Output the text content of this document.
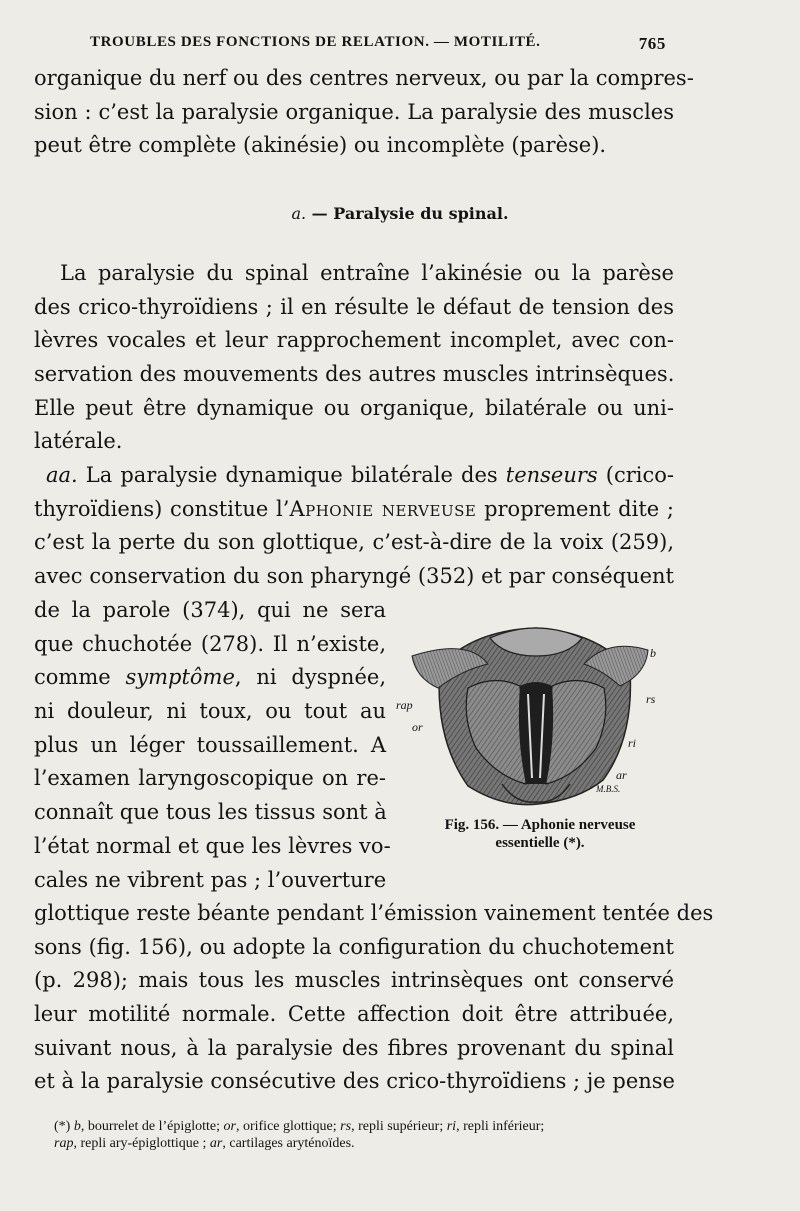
TROUBLES DES FONCTIONS DE RELATION. — MOTILITÉ.	765
organique du nerf ou des centres nerveux, ou par la compres-
sion : c’est la paralysie organique. La paralysie des muscles
peut être complète (akinésie) ou incomplète (parèse).
a. — Paralysie du spinal.
La paralysie du spinal entraîne l’akinésie ou la parèse
des crico-thyroïdiens ; il en résulte le défaut de tension des
lèvres vocales et leur rapprochement incomplet, avec con-
servation des mouvements des autres muscles intrinsèques.
Elle peut être dynamique ou organique, bilatérale ou uni-
latérale.
aa. La paralysie dynamique bilatérale des tenseurs (crico-
thyroïdiens) constitue l’Aphonie nerveuse proprement dite ;
c’est la perte du son glottique, c’est-à-dire de la voix (259),
avec conservation du son pharyngé (352) et par conséquent
de la parole (374), qui ne sera
que chuchotée (278). Il n’existe,
comme symptôme, ni dyspnée,
ni douleur, ni toux, ou tout au
plus un léger toussaillement. A
l’examen laryngoscopique on re-
connaît que tous les tissus sont à
l’état normal et que les lèvres vo-
cales ne vibrent pas ; l’ouverture
glottique reste béante pendant l’émission vainement tentée des
sons (fig. 156), ou adopte la configuration du chuchotement
(p. 298); mais tous les muscles intrinsèques ont conservé
leur motilité normale. Cette affection doit être attribuée,
suivant nous, à la paralysie des fibres provenant du spinal
et à la paralysie consécutive des crico-thyroïdiens ; je pense
b
rs
rap
or
ri
ar
M.B.S.
Fig. 156. — Aphonie nerveuse
essentielle (*).
(*) b, bourrelet de l’épiglotte; or, orifice glottique; rs, repli supérieur; ri, repli inférieur;
rap, repli ary-épiglottique ; ar, cartilages aryténoïdes.
